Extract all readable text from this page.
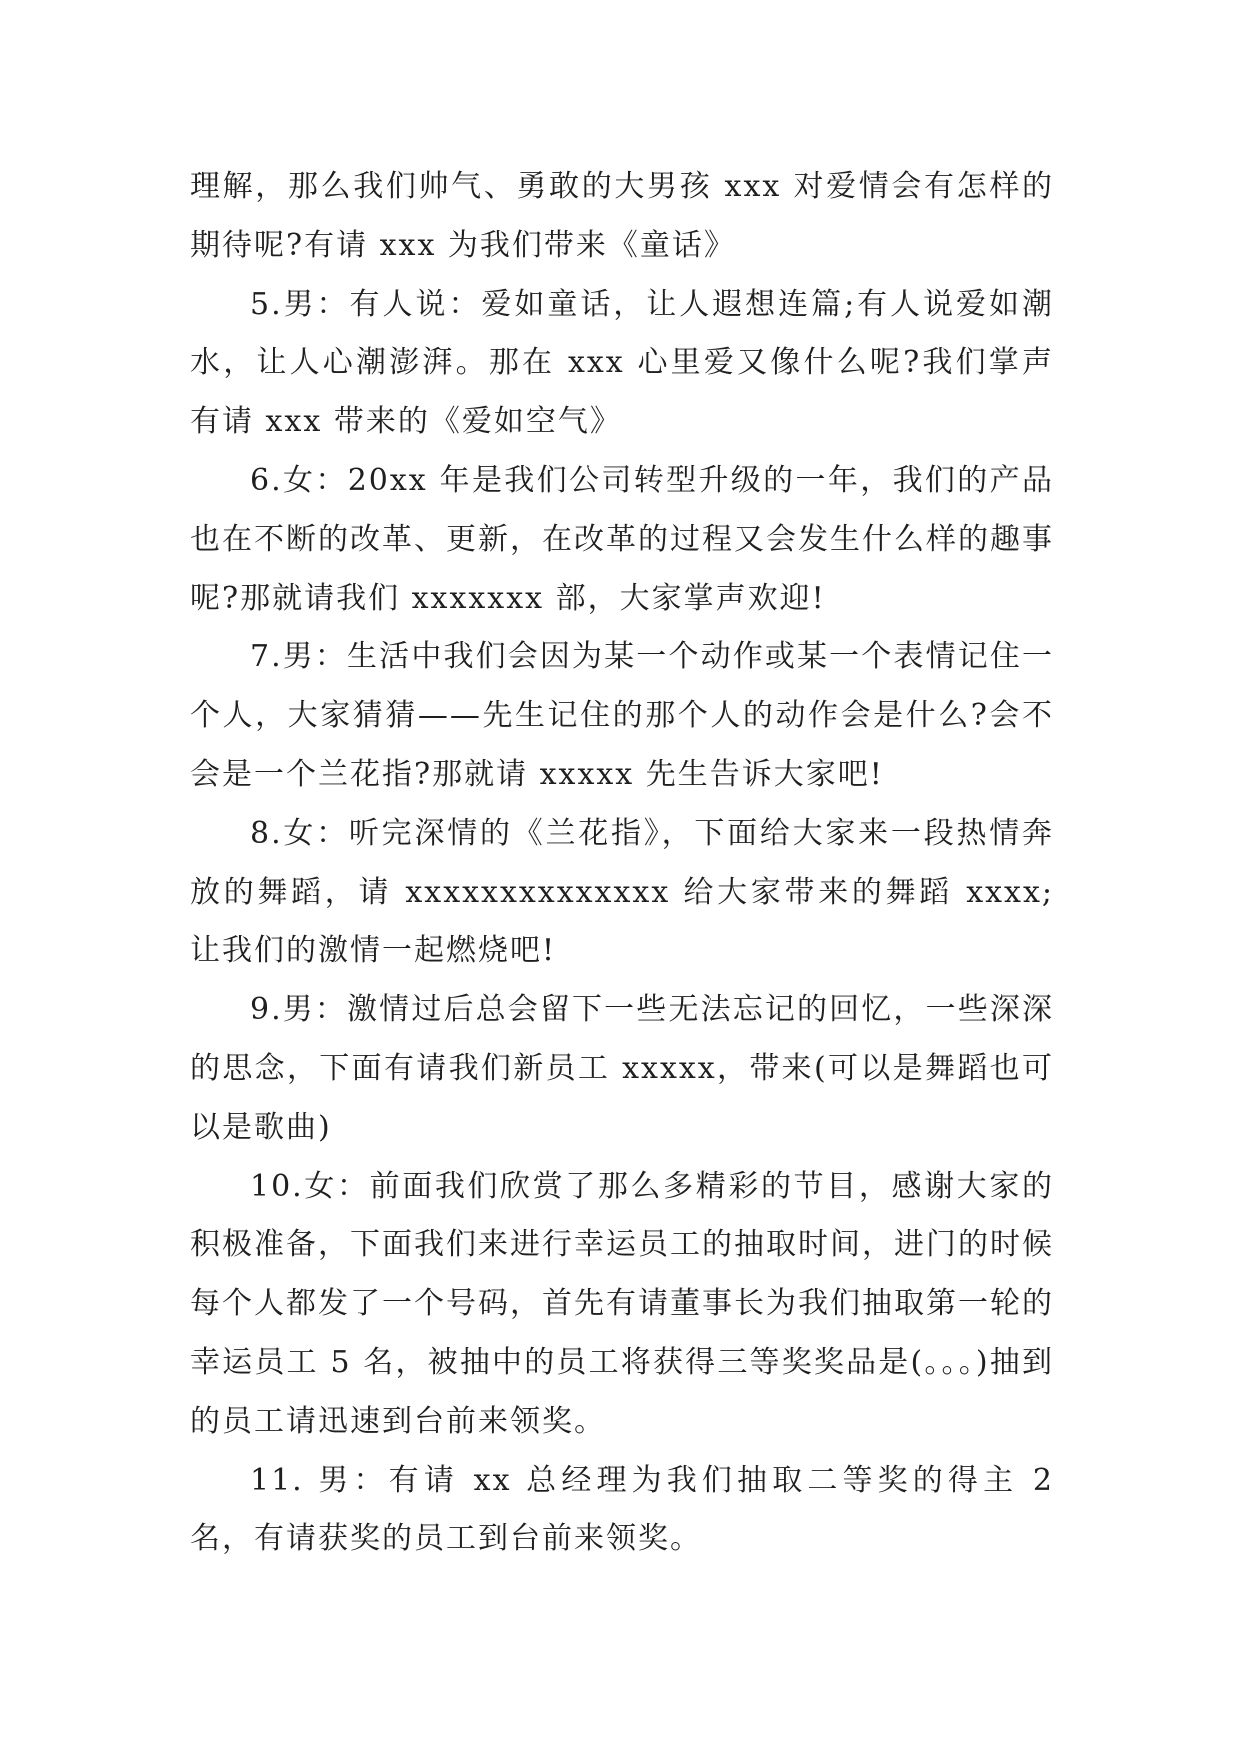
理解，那么我们帅气、勇敢的大男孩 xxx 对爱情会有怎样的期待呢?有请 xxx 为我们带来《童话》

5.男：有人说：爱如童话，让人遐想连篇;有人说爱如潮水，让人心潮澎湃。那在 xxx 心里爱又像什么呢?我们掌声有请 xxx 带来的《爱如空气》

6.女：20xx 年是我们公司转型升级的一年，我们的产品也在不断的改革、更新，在改革的过程又会发生什么样的趣事呢?那就请我们 xxxxxxx 部，大家掌声欢迎!

7.男：生活中我们会因为某一个动作或某一个表情记住一个人，大家猜猜——先生记住的那个人的动作会是什么?会不会是一个兰花指?那就请 xxxxx 先生告诉大家吧!

8.女：听完深情的《兰花指》，下面给大家来一段热情奔放的舞蹈，请 xxxxxxxxxxxxxx 给大家带来的舞蹈 xxxx;让我们的激情一起燃烧吧!

9.男：激情过后总会留下一些无法忘记的回忆，一些深深的思念，下面有请我们新员工 xxxxx，带来(可以是舞蹈也可以是歌曲)

10.女：前面我们欣赏了那么多精彩的节目，感谢大家的积极准备，下面我们来进行幸运员工的抽取时间，进门的时候每个人都发了一个号码，首先有请董事长为我们抽取第一轮的幸运员工 5 名，被抽中的员工将获得三等奖奖品是(。。。)抽到的员工请迅速到台前来领奖。

11. 男：有请 xx 总经理为我们抽取二等奖的得主 2 名，有请获奖的员工到台前来领奖。
